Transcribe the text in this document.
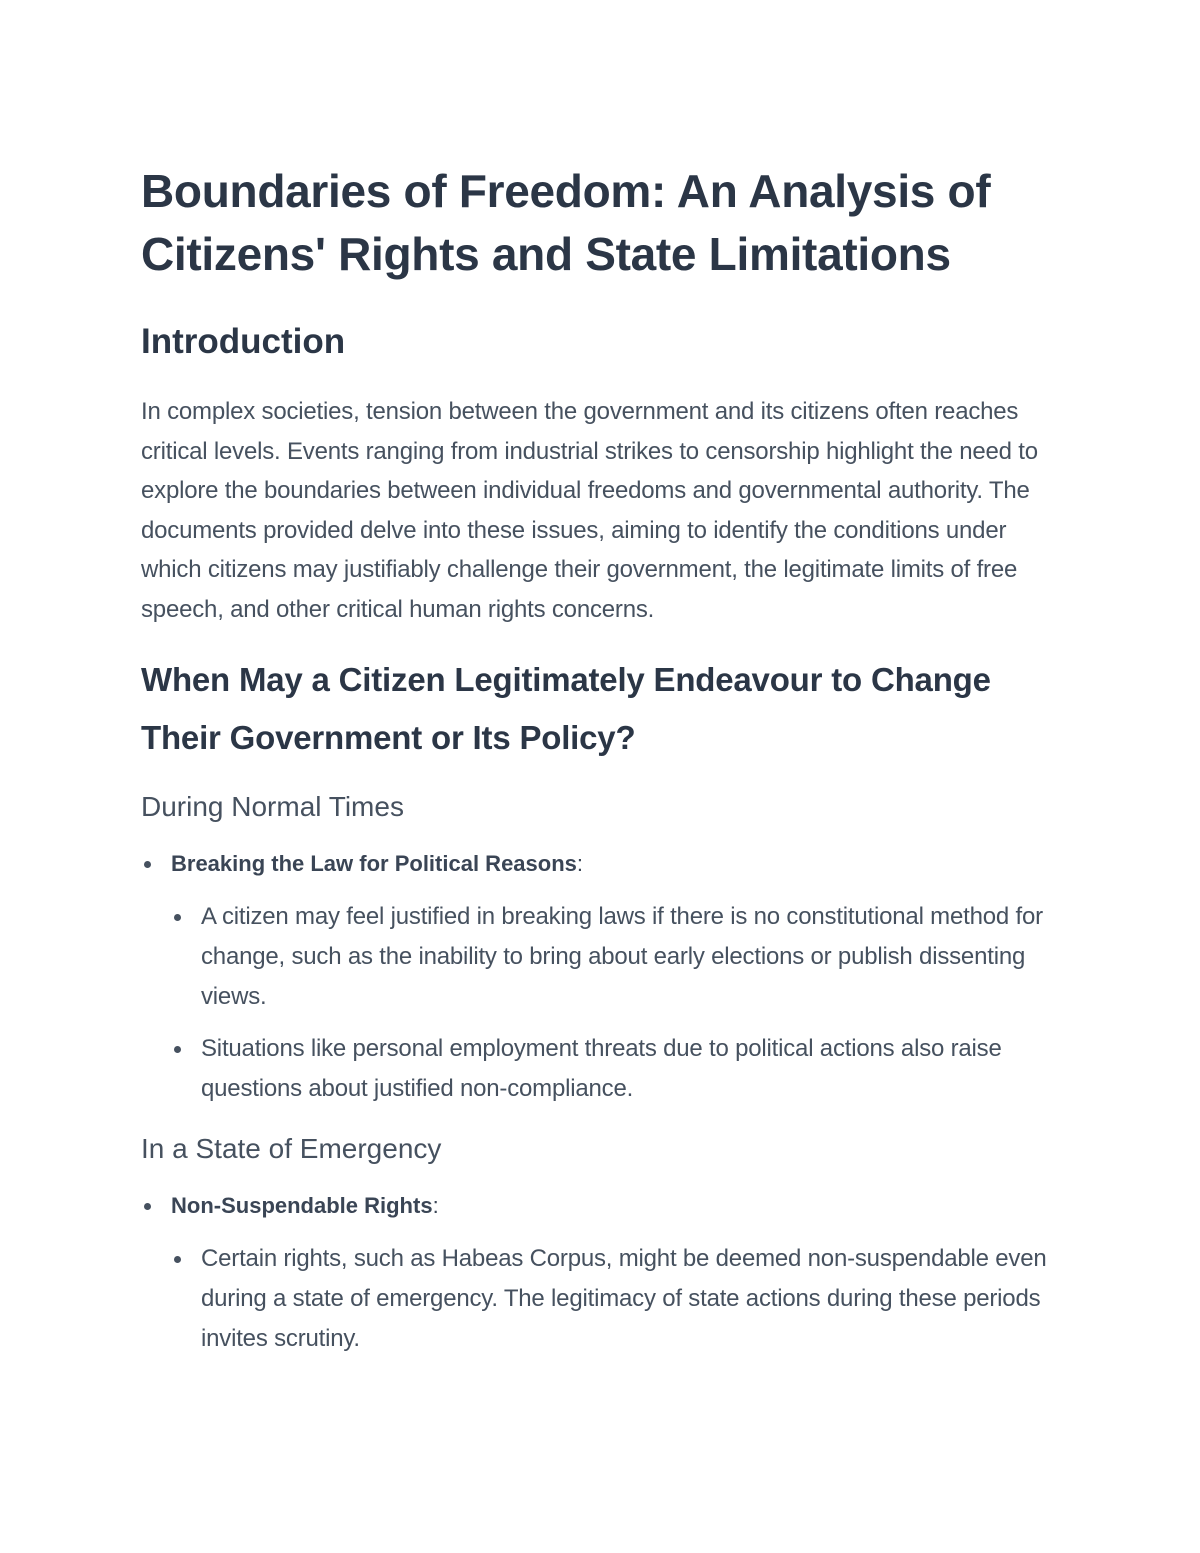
Boundaries of Freedom: An Analysis of Citizens' Rights and State Limitations
Introduction

In complex societies, tension between the government and its citizens often reaches critical levels. Events ranging from industrial strikes to censorship highlight the need to explore the boundaries between individual freedoms and governmental authority. The documents provided delve into these issues, aiming to identify the conditions under which citizens may justifiably challenge their government, the legitimate limits of free speech, and other critical human rights concerns.

When May a Citizen Legitimately Endeavour to Change Their Government or Its Policy?
During Normal Times
Breaking the Law for Political Reasons:
A citizen may feel justified in breaking laws if there is no constitutional method for change, such as the inability to bring about early elections or publish dissenting views.
Situations like personal employment threats due to political actions also raise questions about justified non-compliance.
In a State of Emergency
Non-Suspendable Rights:
Certain rights, such as Habeas Corpus, might be deemed non-suspendable even during a state of emergency. The legitimacy of state actions during these periods invites scrutiny.
